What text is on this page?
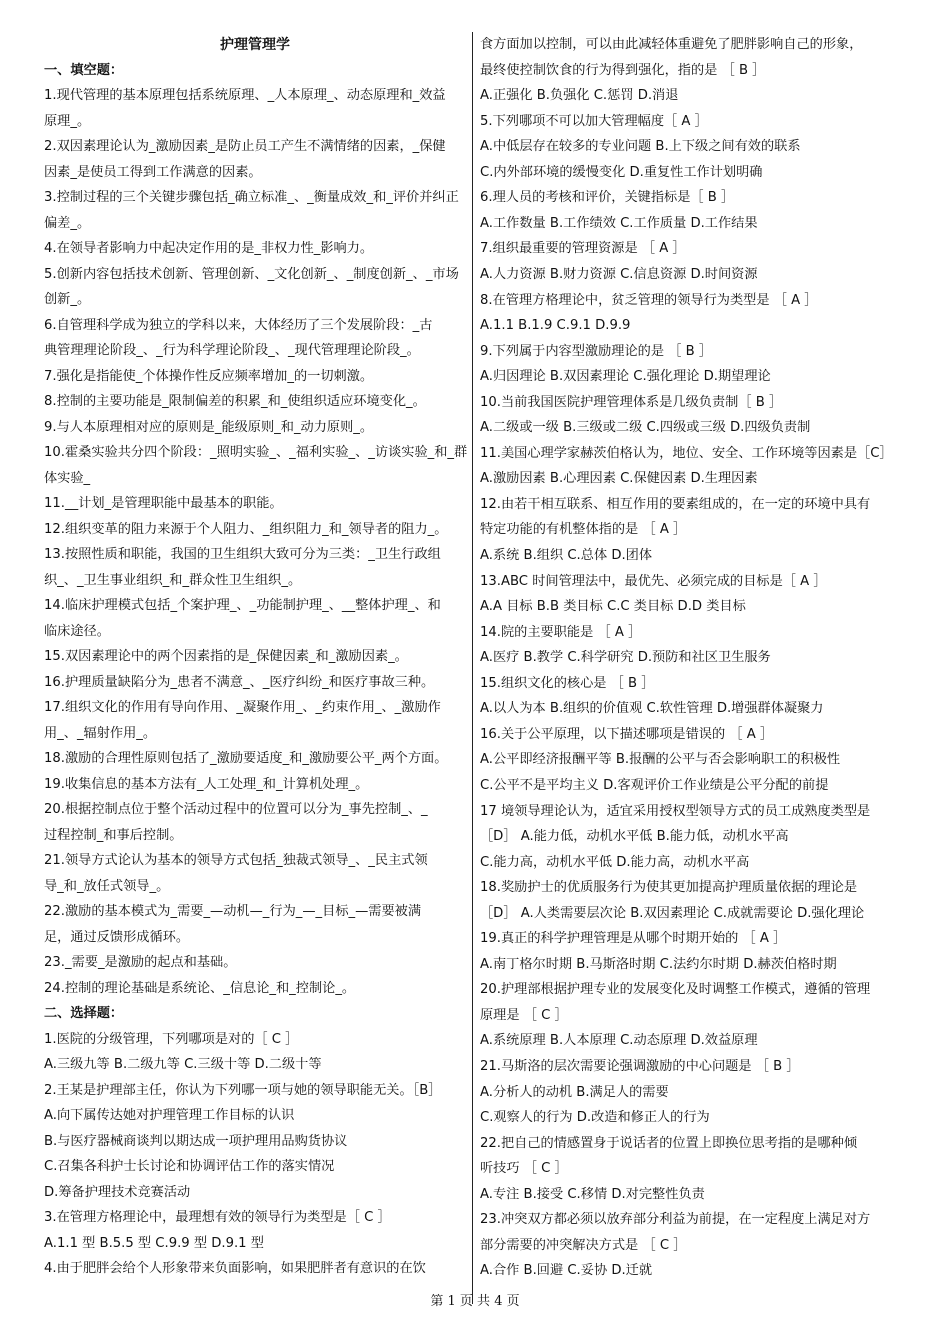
护理管理学
一、填空题：
1.现代管理的基本原理包括系统原理、_人本原理_、动态原理和_效益
原理_。
2.双因素理论认为_激励因素_是防止员工产生不满情绪的因素，_保健
因素_是使员工得到工作满意的因素。
3.控制过程的三个关键步骤包括_确立标准_、_衡量成效_和_评价并纠正
偏差_。
4.在领导者影响力中起决定作用的是_非权力性_影响力。
5.创新内容包括技术创新、管理创新、_文化创新_、_制度创新_、_市场
创新_。
6.自管理科学成为独立的学科以来，大体经历了三个发展阶段：_古
典管理理论阶段_、_行为科学理论阶段_、_现代管理理论阶段_。
7.强化是指能使_个体操作性反应频率增加_的一切刺激。
8.控制的主要功能是_限制偏差的积累_和_使组织适应环境变化_。
9.与人本原理相对应的原则是_能级原则_和_动力原则_。
10.霍桑实验共分四个阶段：_照明实验_、_福利实验_、_访谈实验_和_群
体实验_
11.__计划_是管理职能中最基本的职能。
12.组织变革的阻力来源于个人阻力、_组织阻力_和_领导者的阻力_。
13.按照性质和职能，我国的卫生组织大致可分为三类：_卫生行政组
织_、_卫生事业组织_和_群众性卫生组织_。
14.临床护理模式包括_个案护理_、_功能制护理_、__整体护理_、和
临床途径。
15.双因素理论中的两个因素指的是_保健因素_和_激励因素_。
16.护理质量缺陷分为_患者不满意_、_医疗纠纷_和医疗事故三种。
17.组织文化的作用有导向作用、_凝聚作用_、_约束作用_、_激励作
用_、_辐射作用_。
18.激励的合理性原则包括了_激励要适度_和_激励要公平_两个方面。
19.收集信息的基本方法有_人工处理_和_计算机处理_。
20.根据控制点位于整个活动过程中的位置可以分为_事先控制_、_
过程控制_和事后控制。
21.领导方式论认为基本的领导方式包括_独裁式领导_、_民主式领
导_和_放任式领导_。
22.激励的基本模式为_需要_—动机—_行为_—_目标_—需要被满
足，通过反馈形成循环。
23._需要_是激励的起点和基础。
24.控制的理论基础是系统论、_信息论_和_控制论_。
二、选择题：
1.医院的分级管理，下列哪项是对的［ C ］
A.三级九等 B.二级九等 C.三级十等 D.二级十等
2.王某是护理部主任，你认为下列哪一项与她的领导职能无关。［B］
A.向下属传达她对护理管理工作目标的认识
B.与医疗器械商谈判以期达成一项护理用品购货协议
C.召集各科护士长讨论和协调评估工作的落实情况
D.筹备护理技术竞赛活动
3.在管理方格理论中，最理想有效的领导行为类型是［ C ］
A.1.1 型 B.5.5 型 C.9.9 型 D.9.1 型
4.由于肥胖会给个人形象带来负面影响，如果肥胖者有意识的在饮
食方面加以控制，可以由此减轻体重避免了肥胖影响自己的形象，
最终使控制饮食的行为得到强化，指的是 ［ B ］
A.正强化 B.负强化 C.惩罚 D.消退
5.下列哪项不可以加大管理幅度［ A ］
A.中低层存在较多的专业问题 B.上下级之间有效的联系
C.内外部环境的缓慢变化 D.重复性工作计划明确
6.理人员的考核和评价，关键指标是［ B ］
A.工作数量 B.工作绩效 C.工作质量 D.工作结果
7.组织最重要的管理资源是 ［ A ］
A.人力资源 B.财力资源 C.信息资源 D.时间资源
8.在管理方格理论中，贫乏管理的领导行为类型是 ［ A ］
A.1.1 B.1.9 C.9.1 D.9.9
9.下列属于内容型激励理论的是 ［ B ］
A.归因理论 B.双因素理论 C.强化理论 D.期望理论
10.当前我国医院护理管理体系是几级负责制［ B ］
A.二级或一级 B.三级或二级 C.四级或三级 D.四级负责制
11.美国心理学家赫茨伯格认为，地位、安全、工作环境等因素是［C］
A.激励因素 B.心理因素 C.保健因素 D.生理因素
12.由若干相互联系、相互作用的要素组成的，在一定的环境中具有
特定功能的有机整体指的是 ［ A ］
A.系统 B.组织 C.总体 D.团体
13.ABC 时间管理法中，最优先、必须完成的目标是［ A ］
A.A 目标 B.B 类目标 C.C 类目标 D.D 类目标
14.院的主要职能是 ［ A ］
A.医疗 B.教学 C.科学研究 D.预防和社区卫生服务
15.组织文化的核心是 ［ B ］
A.以人为本 B.组织的价值观 C.软性管理 D.增强群体凝聚力
16.关于公平原理，以下描述哪项是错误的 ［ A ］
A.公平即经济报酬平等 B.报酬的公平与否会影响职工的积极性
C.公平不是平均主义 D.客观评价工作业绩是公平分配的前提
17 境领导理论认为，适宜采用授权型领导方式的员工成熟度类型是
［D］ A.能力低，动机水平低 B.能力低，动机水平高
C.能力高，动机水平低 D.能力高，动机水平高
18.奖励护士的优质服务行为使其更加提高护理质量依据的理论是
［D］ A.人类需要层次论 B.双因素理论 C.成就需要论 D.强化理论
19.真正的科学护理管理是从哪个时期开始的 ［ A ］
A.南丁格尔时期 B.马斯洛时期 C.法约尔时期 D.赫茨伯格时期
20.护理部根据护理专业的发展变化及时调整工作模式，遵循的管理
原理是 ［ C ］
A.系统原理 B.人本原理 C.动态原理 D.效益原理
21.马斯洛的层次需要论强调激励的中心问题是 ［ B ］
A.分析人的动机 B.满足人的需要
C.观察人的行为 D.改造和修正人的行为
22.把自己的情感置身于说话者的位置上即换位思考指的是哪种倾
听技巧 ［ C ］
A.专注 B.接受 C.移情 D.对完整性负责
23.冲突双方都必须以放弃部分利益为前提，在一定程度上满足对方
部分需要的冲突解决方式是 ［ C ］
A.合作 B.回避 C.妥协 D.迁就
第 1 页 共 4 页
